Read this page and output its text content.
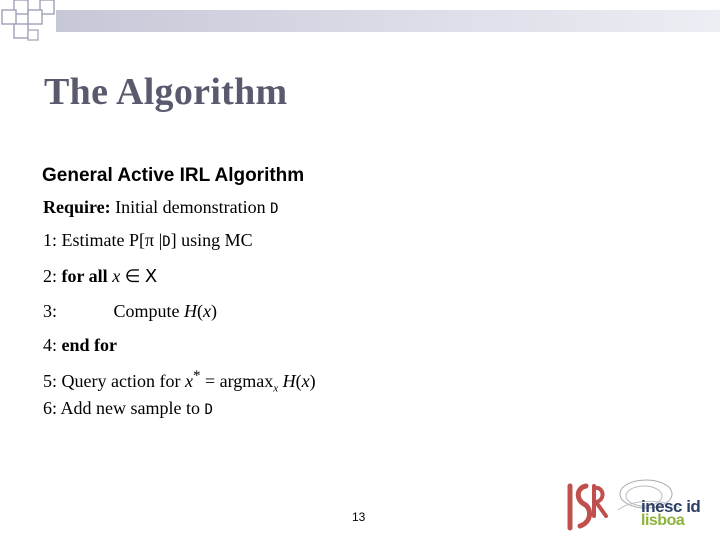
The Algorithm
General Active IRL Algorithm
Require: Initial demonstration D
1: Estimate P[π |D] using MC
2: for all x ∈ X
3:	Compute H(x)
4: end for
5: Query action for x* = argmax$_x$ H(x)
6: Add new sample to D
13
inesc id
lisboa
